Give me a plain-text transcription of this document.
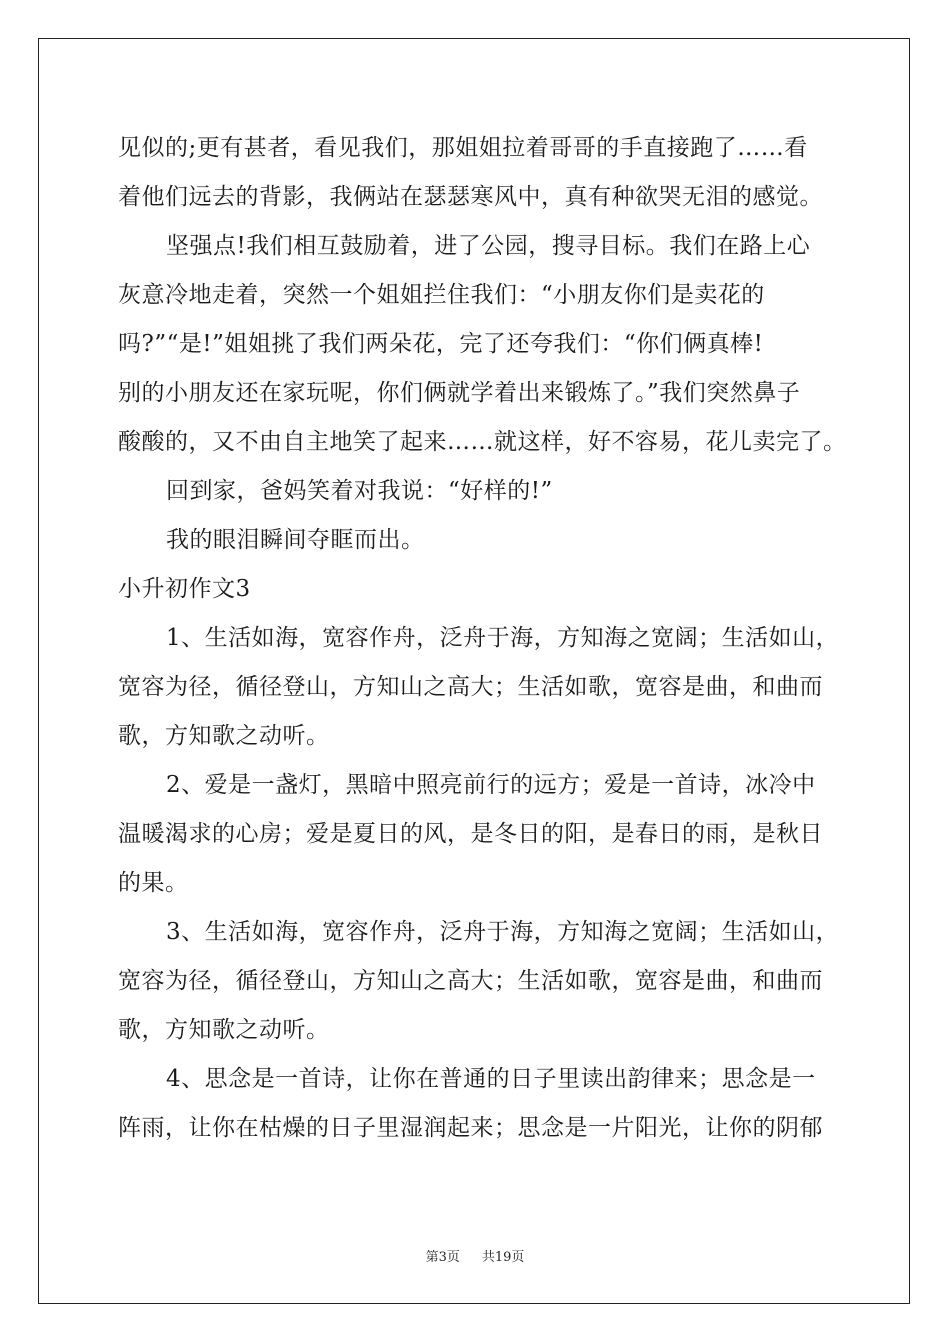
见似的;更有甚者，看见我们，那姐姐拉着哥哥的手直接跑了……看
着他们远去的背影，我俩站在瑟瑟寒风中，真有种欲哭无泪的感觉。
坚强点!我们相互鼓励着，进了公园，搜寻目标。我们在路上心
灰意冷地走着，突然一个姐姐拦住我们：“小朋友你们是卖花的
吗?”“是!”姐姐挑了我们两朵花，完了还夸我们：“你们俩真棒!
别的小朋友还在家玩呢，你们俩就学着出来锻炼了。”我们突然鼻子
酸酸的，又不由自主地笑了起来……就这样，好不容易，花儿卖完了。
回到家，爸妈笑着对我说：“好样的!”
我的眼泪瞬间夺眶而出。
小升初作文3
1、生活如海，宽容作舟，泛舟于海，方知海之宽阔；生活如山，
宽容为径，循径登山，方知山之高大；生活如歌，宽容是曲，和曲而
歌，方知歌之动听。
2、爱是一盏灯，黑暗中照亮前行的远方；爱是一首诗，冰冷中
温暖渴求的心房；爱是夏日的风，是冬日的阳，是春日的雨，是秋日
的果。
3、生活如海，宽容作舟，泛舟于海，方知海之宽阔；生活如山，
宽容为径，循径登山，方知山之高大；生活如歌，宽容是曲，和曲而
歌，方知歌之动听。
4、思念是一首诗，让你在普通的日子里读出韵律来；思念是一
阵雨，让你在枯燥的日子里湿润起来；思念是一片阳光，让你的阴郁
第3页 共19页
